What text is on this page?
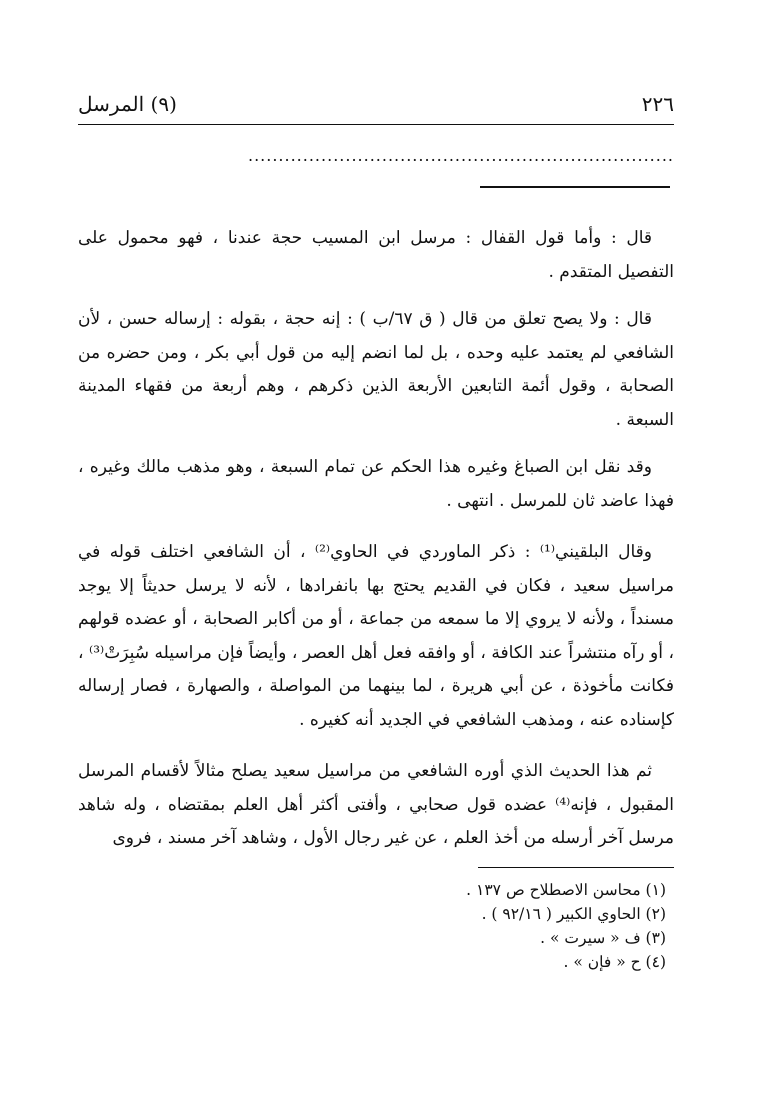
٢٢٦
(٩) المرسل
......................................................................

قال : وأما قول القفال : مرسل ابن المسيب حجة عندنا ، فهو محمول على التفصيل المتقدم .

قال : ولا يصح تعلق من قال ( ق ٦٧/ب ) : إنه حجة ، بقوله : إرساله حسن ، لأن الشافعي لم يعتمد عليه وحده ، بل لما انضم إليه من قول أبي بكر ، ومن حضره من الصحابة ، وقول أئمة التابعين الأربعة الذين ذكرهم ، وهم أربعة من فقهاء المدينة السبعة .

وقد نقل ابن الصباغ وغيره هذا الحكم عن تمام السبعة ، وهو مذهب مالك وغيره ، فهذا عاضد ثان للمرسل . انتهى .

وقال البلقيني⁽¹⁾ : ذكر الماوردي في الحاوي⁽²⁾ ، أن الشافعي اختلف قوله في مراسيل سعيد ، فكان في القديم يحتج بها بانفرادها ، لأنه لا يرسل حديثاً إلا يوجد مسنداً ، ولأنه لا يروي إلا ما سمعه من جماعة ، أو من أكابر الصحابة ، أو عضده قولهم ، أو رآه منتشراً عند الكافة ، أو وافقه فعل أهل العصر ، وأيضاً فإن مراسيله سُبِرَتْ⁽³⁾ ، فكانت مأخوذة ، عن أبي هريرة ، لما بينهما من المواصلة ، والصهارة ، فصار إرساله كإسناده عنه ، ومذهب الشافعي في الجديد أنه كغيره .

ثم هذا الحديث الذي أوره الشافعي من مراسيل سعيد يصلح مثالاً لأقسام المرسل المقبول ، فإنه⁽⁴⁾ عضده قول صحابي ، وأفتى أكثر أهل العلم بمقتضاه ، وله شاهد مرسل آخر أرسله من أخذ العلم ، عن غير رجال الأول ، وشاهد آخر مسند ، فروى

(١) محاسن الاصطلاح ص ١٣٧ .

(٢) الحاوي الكبير ( ٩٢/١٦ ) .

(٣) ف « سيرت » .

(٤) ح « فإن » .
